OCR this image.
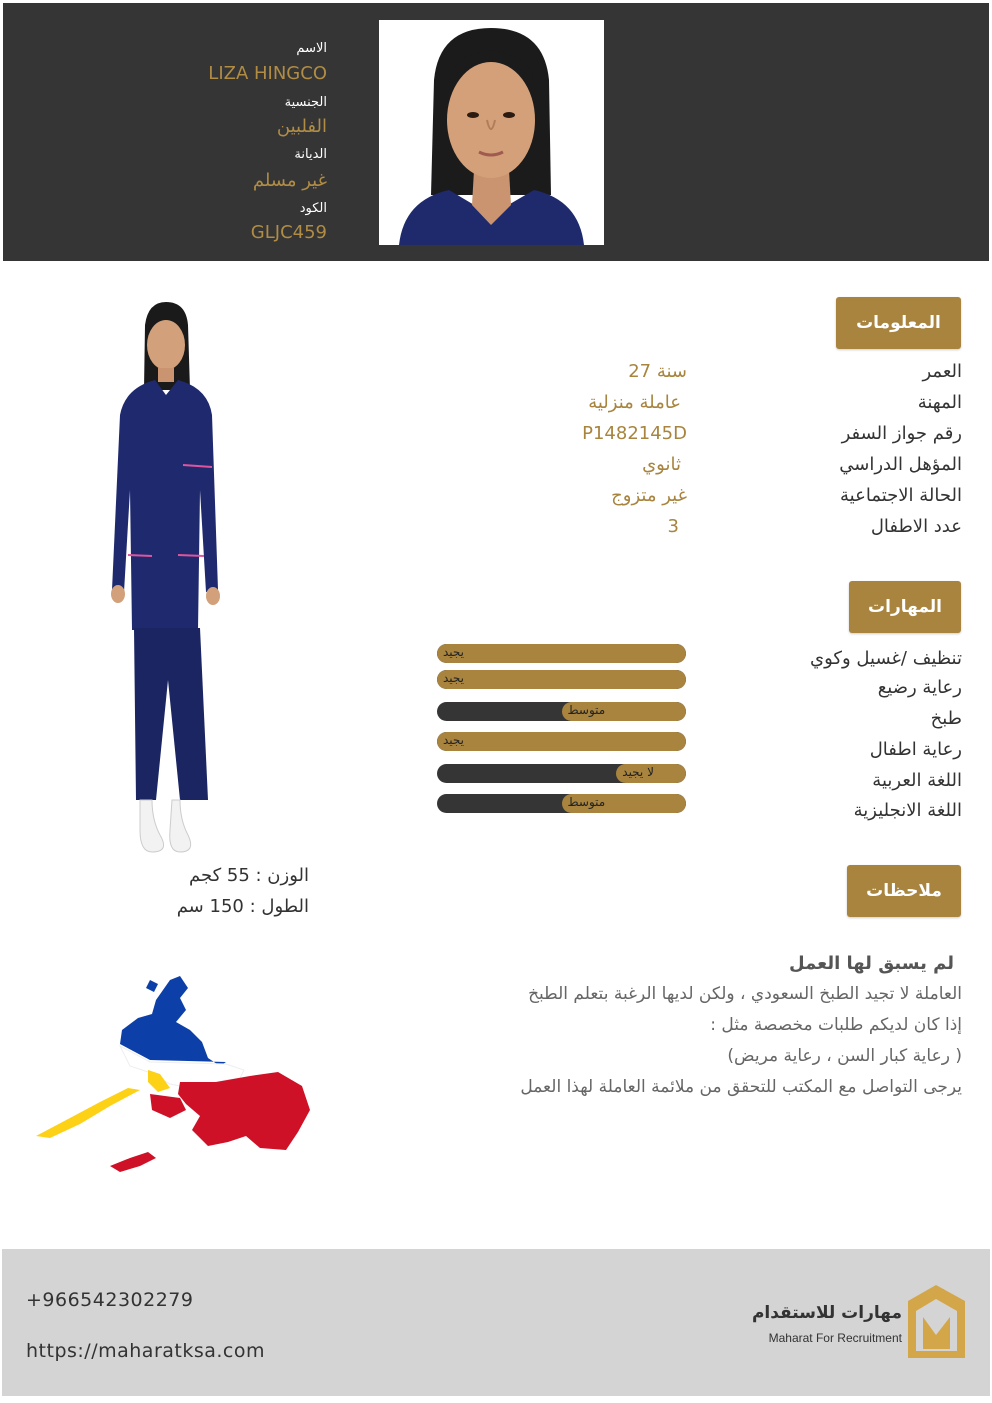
الاسم
LIZA HINGCO
الجنسية
الفلبين
الديانة
غير مسلم
الكود
GLJC459
المعلومات
العمر
27 سنة
المهنة
عاملة منزلية
رقم جواز السفر
P1482145D
المؤهل الدراسي
ثانوي
الحالة الاجتماعية
غير متزوج
عدد الاطفال
3
المهارات
تنظيف /غسيل وكوي
يجيد
رعاية رضيع
يجيد
طبخ
متوسط
رعاية اطفال
يجيد
اللغة العربية
لا يجيد
اللغة الانجليزية
متوسط
ملاحظات
لم يسبق لها العمل
العاملة لا تجيد الطبخ السعودي ، ولكن لديها الرغبة بتعلم الطبخ
إذا كان لديكم طلبات مخصصة مثل :
( رعاية كبار السن ، رعاية مريض)
يرجى التواصل مع المكتب للتحقق من ملائمة العاملة لهذا العمل
الوزن : 55 كجم
الطول : 150 سم
+966542302279
https://maharatksa.com
مهارات للاستقدام
Maharat For Recruitment
